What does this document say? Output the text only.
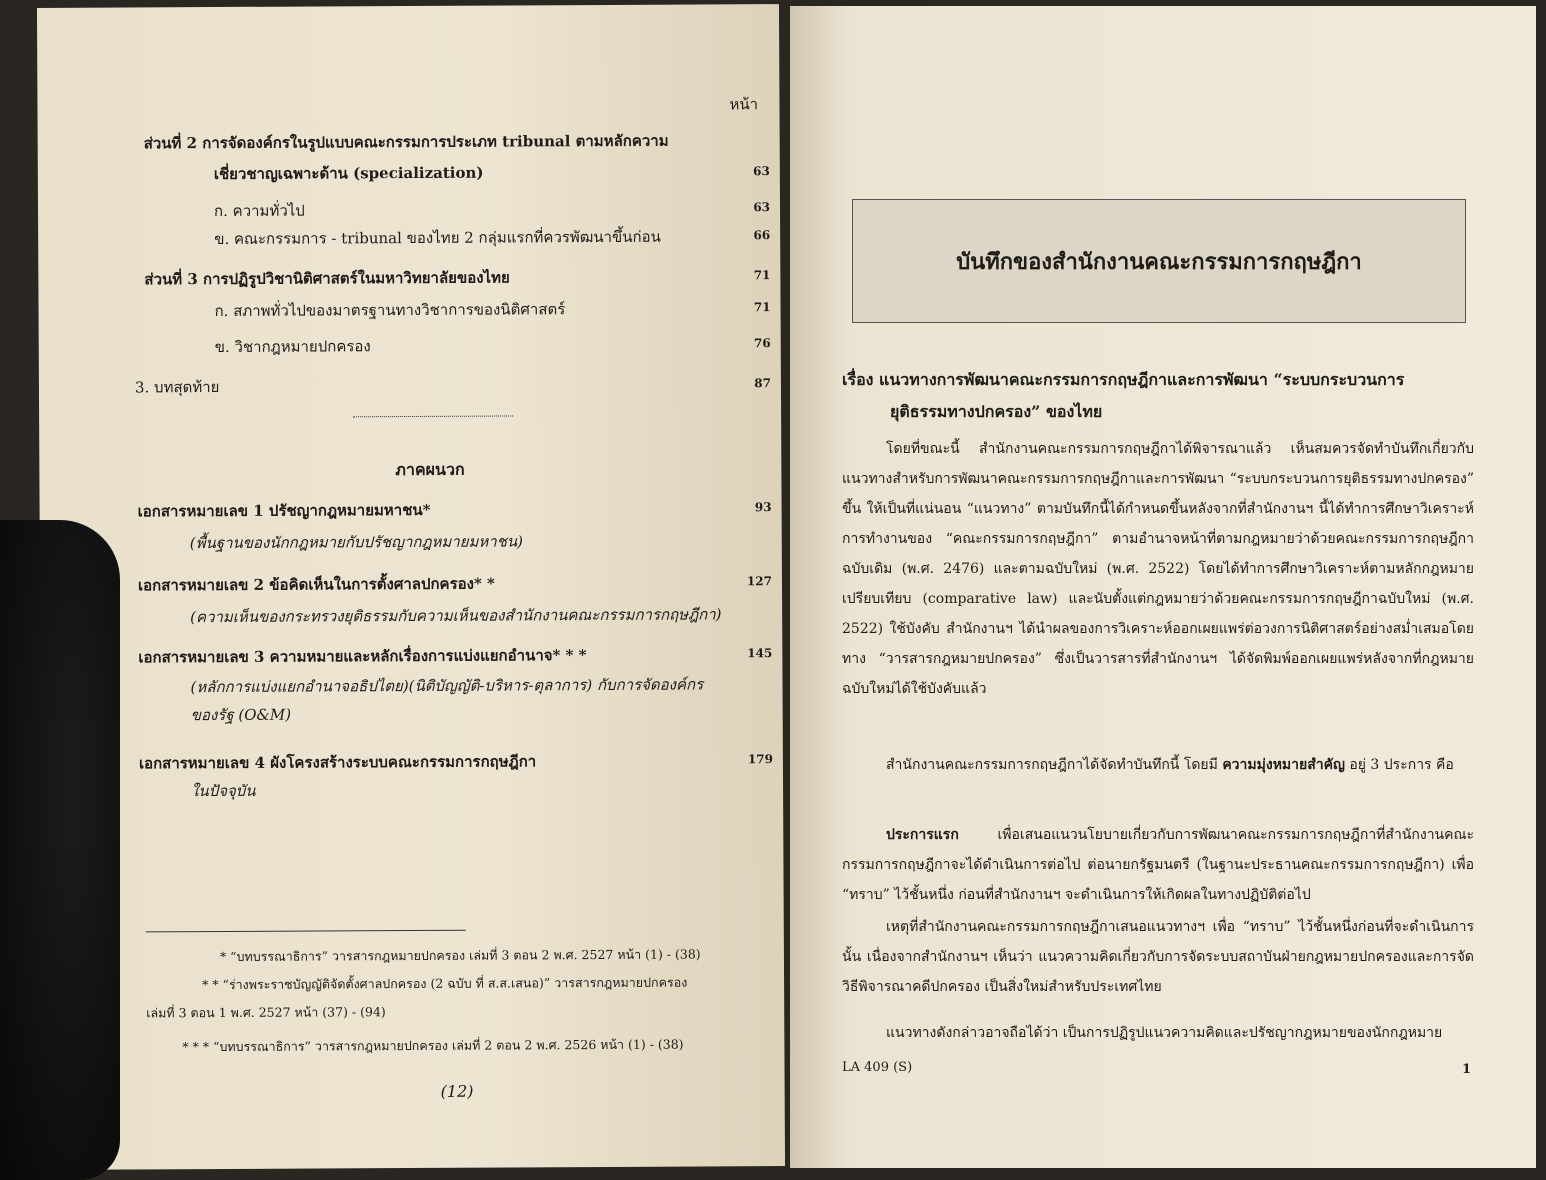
หน้า
ส่วนที่ 2 การจัดองค์กรในรูปแบบคณะกรรมการประเภท tribunal ตามหลักความ
เชี่ยวชาญเฉพาะด้าน (specialization)	63
ก. ความทั่วไป	63
ข. คณะกรรมการ - tribunal ของไทย 2 กลุ่มแรกที่ควรพัฒนาขึ้นก่อน	66
ส่วนที่ 3 การปฏิรูปวิชานิติศาสตร์ในมหาวิทยาลัยของไทย	71
ก. สภาพทั่วไปของมาตรฐานทางวิชาการของนิติศาสตร์	71
ข. วิชากฎหมายปกครอง	76
3. บทสุดท้าย	87
ภาคผนวก
เอกสารหมายเลข 1 ปรัชญากฎหมายมหาชน*	93
(พื้นฐานของนักกฎหมายกับปรัชญากฎหมายมหาชน)
เอกสารหมายเลข 2 ข้อคิดเห็นในการตั้งศาลปกครอง* *	127
(ความเห็นของกระทรวงยุติธรรมกับความเห็นของสำนักงานคณะกรรมการกฤษฎีกา)
เอกสารหมายเลข 3 ความหมายและหลักเรื่องการแบ่งแยกอำนาจ* * *	145
(หลักการแบ่งแยกอำนาจอธิปไตย)(นิติบัญญัติ-บริหาร-ตุลาการ) กับการจัดองค์กร
ของรัฐ (O&M)
เอกสารหมายเลข 4 ผังโครงสร้างระบบคณะกรรมการกฤษฎีกา	179
ในปัจจุบัน
* “บทบรรณาธิการ” วารสารกฎหมายปกครอง เล่มที่ 3 ตอน 2 พ.ศ. 2527 หน้า (1) - (38)
* * “ร่างพระราชบัญญัติจัดตั้งศาลปกครอง (2 ฉบับ ที่ ส.ส.เสนอ)” วารสารกฎหมายปกครอง
เล่มที่ 3 ตอน 1 พ.ศ. 2527 หน้า (37) - (94)
* * * “บทบรรณาธิการ” วารสารกฎหมายปกครอง เล่มที่ 2 ตอน 2 พ.ศ. 2526 หน้า (1) - (38)
(12)
บันทึกของสำนักงานคณะกรรมการกฤษฎีกา
เรื่อง แนวทางการพัฒนาคณะกรรมการกฤษฎีกาและการพัฒนา “ระบบกระบวนการ
ยุติธรรมทางปกครอง” ของไทย

โดยที่ขณะนี้ สำนักงานคณะกรรมการกฤษฎีกาได้พิจารณาแล้ว เห็นสมควรจัดทำบันทึกเกี่ยวกับแนวทางสำหรับการพัฒนาคณะกรรมการกฤษฎีกาและการพัฒนา “ระบบกระบวนการยุติธรรมทางปกครอง” ขึ้น ให้เป็นที่แน่นอน “แนวทาง” ตามบันทึกนี้ได้กำหนดขึ้นหลังจากที่สำนักงานฯ นี้ได้ทำการศึกษาวิเคราะห์การทำงานของ “คณะกรรมการกฤษฎีกา” ตามอำนาจหน้าที่ตามกฎหมายว่าด้วยคณะกรรมการกฤษฎีกาฉบับเดิม (พ.ศ. 2476) และตามฉบับใหม่ (พ.ศ. 2522) โดยได้ทำการศึกษาวิเคราะห์ตามหลักกฎหมายเปรียบเทียบ (comparative law) และนับตั้งแต่กฎหมายว่าด้วยคณะกรรมการกฤษฎีกาฉบับใหม่ (พ.ศ. 2522) ใช้บังคับ สำนักงานฯ ได้นำผลของการวิเคราะห์ออกเผยแพร่ต่อวงการนิติศาสตร์อย่างสม่ำเสมอโดยทาง “วารสารกฎหมายปกครอง” ซึ่งเป็นวารสารที่สำนักงานฯ ได้จัดพิมพ์ออกเผยแพร่หลังจากที่กฎหมายฉบับใหม่ได้ใช้บังคับแล้ว

สำนักงานคณะกรรมการกฤษฎีกาได้จัดทำบันทึกนี้ โดยมี ความมุ่งหมายสำคัญ อยู่ 3 ประการ คือ

ประการแรก เพื่อเสนอแนวนโยบายเกี่ยวกับการพัฒนาคณะกรรมการกฤษฎีกาที่สำนักงานคณะกรรมการกฤษฎีกาจะได้ดำเนินการต่อไป ต่อนายกรัฐมนตรี (ในฐานะประธานคณะกรรมการกฤษฎีกา) เพื่อ “ทราบ” ไว้ชั้นหนึ่ง ก่อนที่สำนักงานฯ จะดำเนินการให้เกิดผลในทางปฏิบัติต่อไป

เหตุที่สำนักงานคณะกรรมการกฤษฎีกาเสนอแนวทางฯ เพื่อ “ทราบ” ไว้ชั้นหนึ่งก่อนที่จะดำเนินการนั้น เนื่องจากสำนักงานฯ เห็นว่า แนวความคิดเกี่ยวกับการจัดระบบสถาบันฝ่ายกฎหมายปกครองและการจัดวิธีพิจารณาคดีปกครอง เป็นสิ่งใหม่สำหรับประเทศไทย

แนวทางดังกล่าวอาจถือได้ว่า เป็นการปฏิรูปแนวความคิดและปรัชญากฎหมายของนักกฎหมาย

LA 409 (S)	1
